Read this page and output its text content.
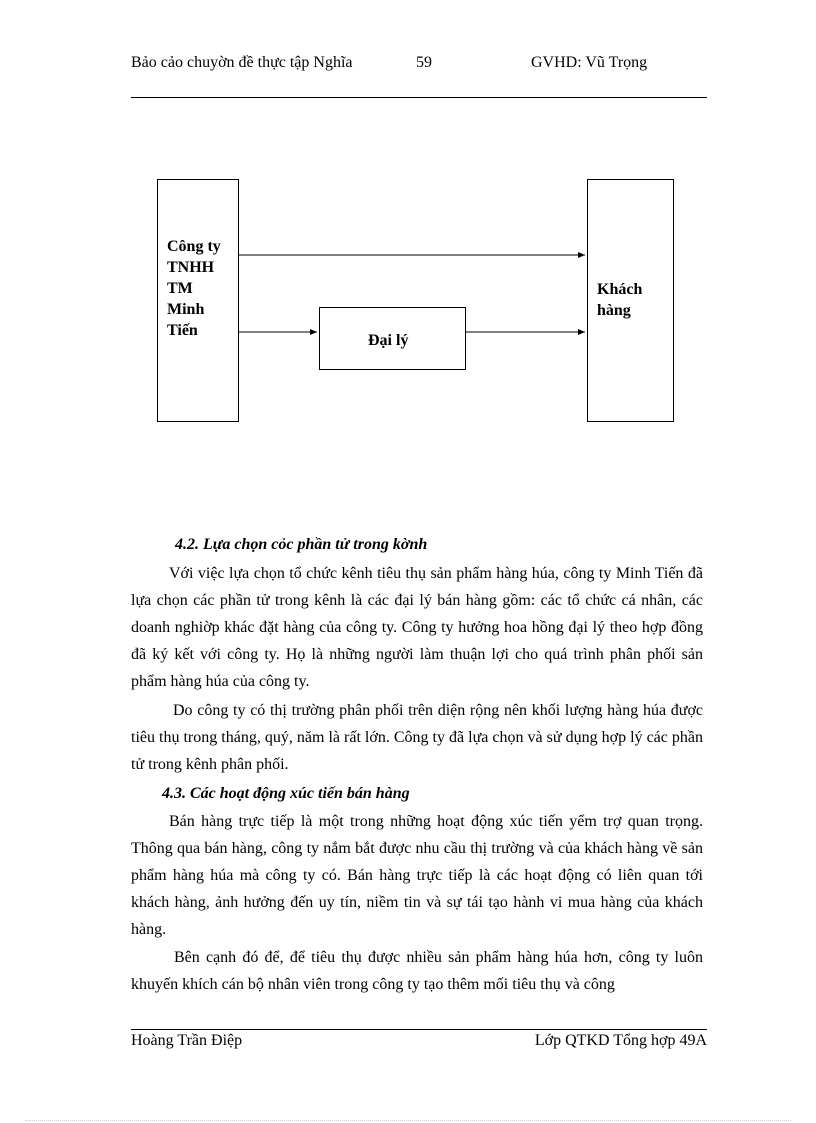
Bảo cảo chuyờn đề thực tập Nghĩa	59	GVHD: Vũ Trọng
Công ty
TNHH
TM
Minh
Tiến
Đại lý
Khách
hàng
4.2. Lựa chọn cỏc phần tử trong kờnh
Với việc lựa chọn tổ chức kênh tiêu thụ sản phẩm hàng húa, công ty Minh Tiến đã lựa chọn các phần tử trong kênh là các đại lý bán hàng gồm: các tổ chức cá nhân, các doanh nghiờp khác đặt hàng của công ty. Công ty hưởng hoa hồng đại lý theo hợp đồng đã ký kết với công ty. Họ là những người làm thuận lợi cho quá trình phân phối sản phẩm hàng húa của công ty.
Do công ty có thị trường phân phối trên diện rộng nên khối lượng hàng húa được tiêu thụ trong tháng, quý, năm là rất lớn. Công ty đã lựa chọn và sử dụng hợp lý các phần tử trong kênh phân phối.
4.3. Các hoạt động xúc tiến bán hàng
Bán hàng trực tiếp là một trong những hoạt động xúc tiến yểm trợ quan trọng. Thông qua bán hàng, công ty nắm bắt được nhu cầu thị trường và của khách hàng về sản phẩm hàng húa mà công ty có. Bán hàng trực tiếp là các hoạt động có liên quan tới khách hàng, ảnh hưởng đến uy tín, niềm tin và sự tái tạo hành vi mua hàng của khách hàng.
Bên cạnh đó để, để tiêu thụ được nhiều sản phẩm hàng húa hơn, công ty luôn khuyến khích cán bộ nhân viên trong công ty tạo thêm mối tiêu thụ và công
Hoàng Trần Điệp	Lớp QTKD Tổng hợp 49A
